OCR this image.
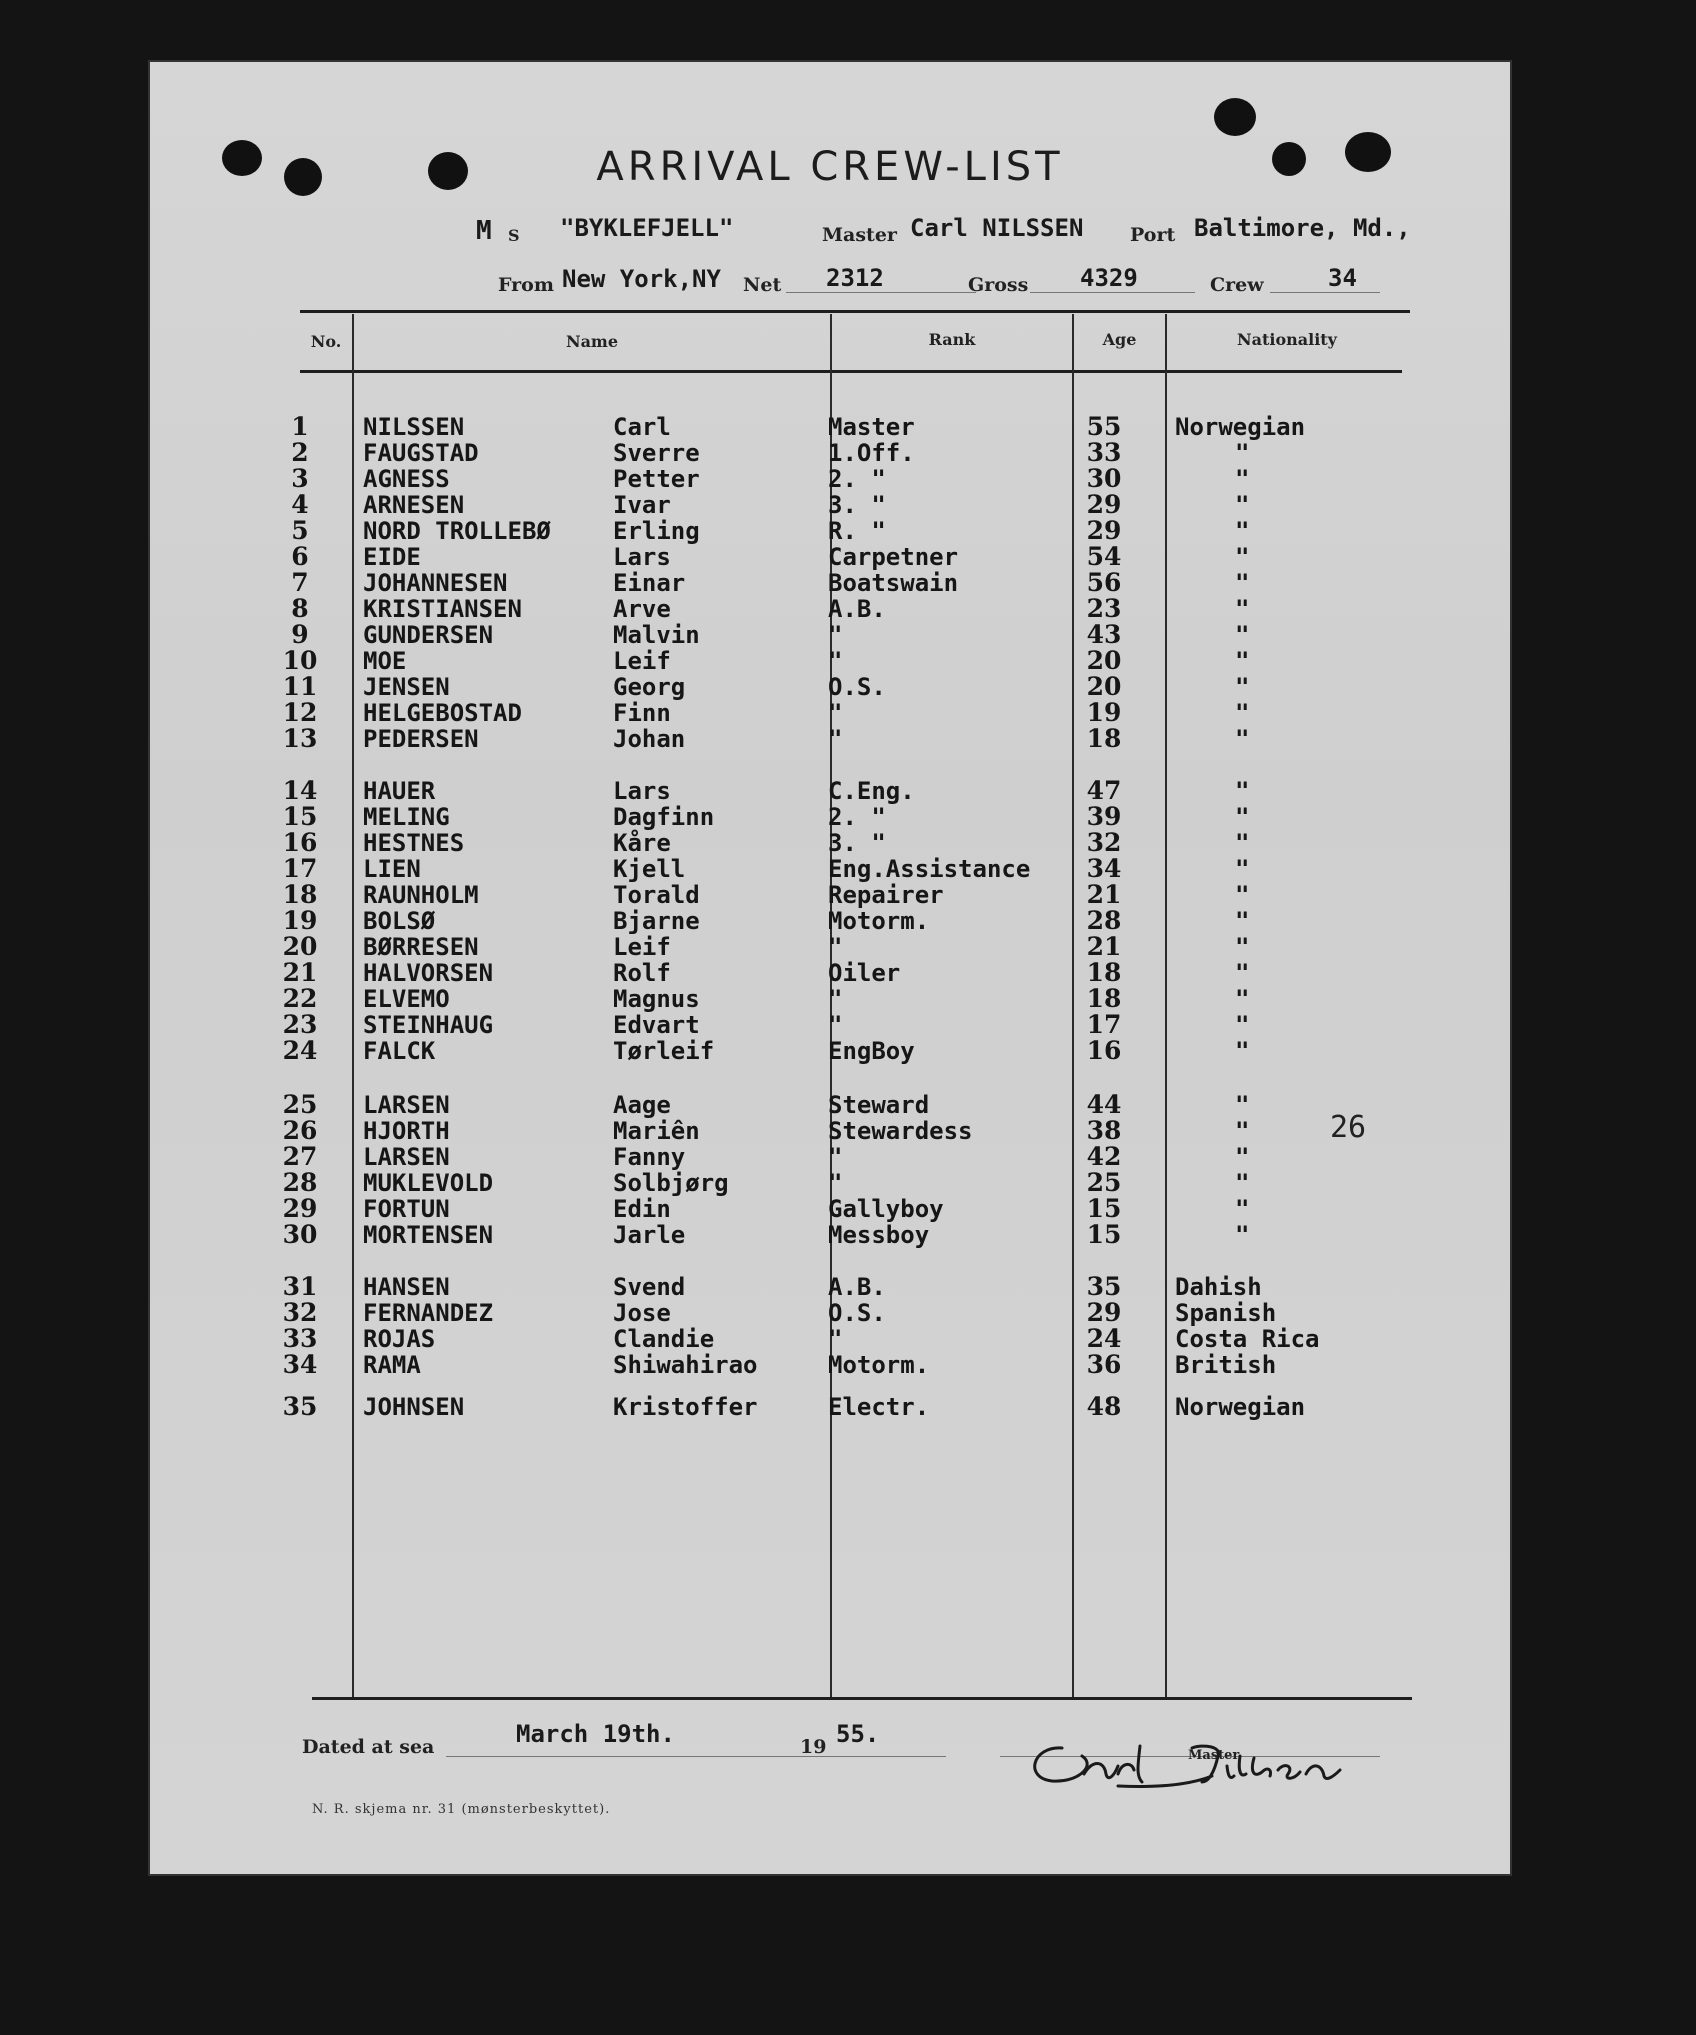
ARRIVAL CREW-LIST
M S "BYKLEFJELL"	Master Carl NILSSEN Port Baltimore, Md.,
From New York,NY Net 2312	Gross 4329	Crew	34
No.	Name	Rank	Age	Nationality
1	NILSSEN	Carl	Master	55	Norwegian
2	FAUGSTAD	Sverre	1.Off.	33	"
3	AGNESS	Petter	2. "	30	"
4	ARNESEN	Ivar	3. "	29	"
5	NORD TROLLEBØ	Erling	R. "	29	"
6	EIDE	Lars	Carpetner	54	"
7	JOHANNESEN	Einar	Boatswain	56	"
8	KRISTIANSEN	Arve	A.B.	23	"
9	GUNDERSEN	Malvin	"	43	"
10 MOE	Leif	"	20	"
11 JENSEN	Georg	O.S.	20	"
12 HELGEBOSTAD	Finn	"	19	"
13 PEDERSEN	Johan	"	18	"
14 HAUER	Lars	C.Eng.	47	"
15 MELING	Dagfinn	2. "	39	"
16 HESTNES	Kåre	3. "	32	"
17 LIEN	Kjell	Eng.Assistance	34	"
18 RAUNHOLM	Torald	Repairer	21	"
19 BOLSØ	Bjarne	Motorm.	28	"
20 BØRRESEN	Leif	"	21	"
21 HALVORSEN	Rolf	Oiler	18	"
22 ELVEMO	Magnus	"	18	"
23 STEINHAUG	Edvart	"	17	"
24 FALCK	Tørleif	EngBoy	16	"
25 LARSEN	Aage	Steward	44	"
26 HJORTH	Mariên	Stewardess	38	"
27 LARSEN	Fanny	"	42	"
28 MUKLEVOLD	Solbjørg	"	25	"
29 FORTUN	Edin	Gallyboy	15	"
30 MORTENSEN	Jarle	Messboy	15	"
31 HANSEN	Svend	A.B.	35	Dahish
32 FERNANDEZ	Jose	O.S.	29	Spanish
33 ROJAS	Clandie	"	24	Costa Rica
34 RAMA	Shiwahirao	Motorm.	36	British
35 JOHNSEN	Kristoffer	Electr.	48	Norwegian
26
Dated at sea	March 19th.	19 55.
Master
N. R. skjema nr. 31 (mønsterbeskyttet).
